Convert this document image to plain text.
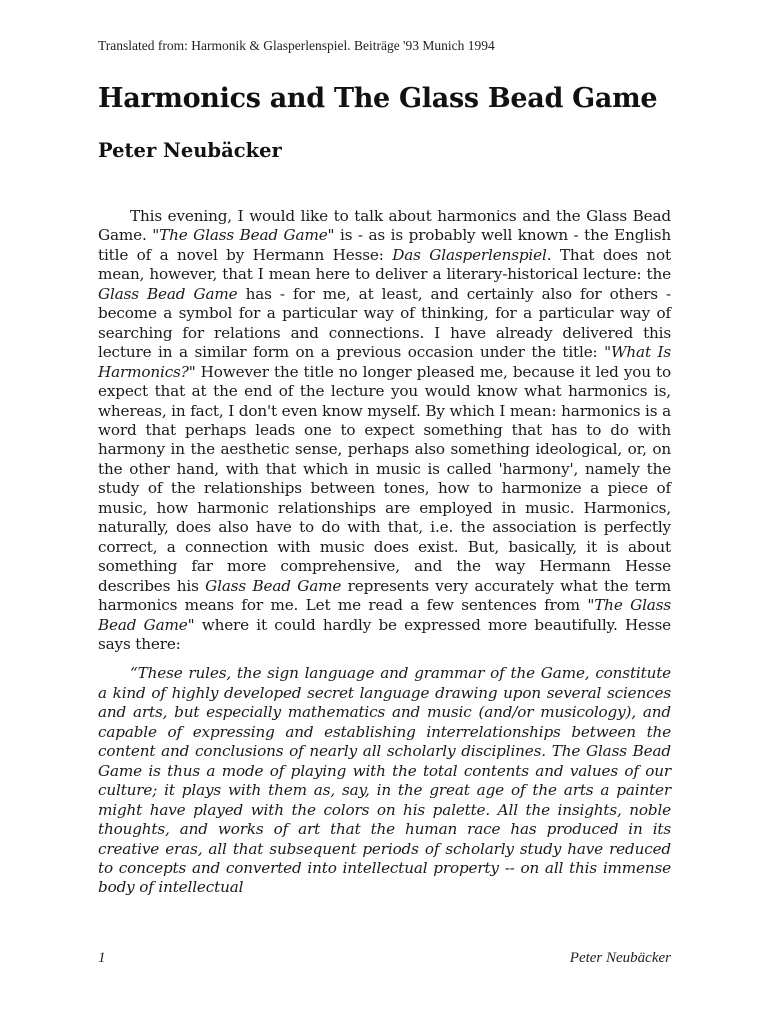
Translated from: Harmonik & Glasperlenspiel. Beiträge '93 Munich 1994
Harmonics and The Glass Bead Game
Peter Neubäcker

This evening, I would like to talk about harmonics and the Glass Bead Game. "The Glass Bead Game" is - as is probably well known - the English title of a novel by Hermann Hesse: Das Glasperlenspiel. That does not mean, however, that I mean here to deliver a literary-historical lecture: the Glass Bead Game has - for me, at least, and certainly also for others - become a symbol for a particular way of thinking, for a particular way of searching for relations and connections. I have already delivered this lecture in a similar form on a previous occasion under the title: "What Is Harmonics?" However the title no longer pleased me, because it led you to expect that at the end of the lecture you would know what harmonics is, whereas, in fact, I don't even know myself. By which I mean: harmonics is a word that perhaps leads one to expect something that has to do with harmony in the aesthetic sense, perhaps also something ideological, or, on the other hand, with that which in music is called 'harmony', namely the study of the relationships between tones, how to harmonize a piece of music, how harmonic relationships are employed in music. Harmonics, naturally, does also have to do with that, i.e. the association is perfectly correct, a connection with music does exist. But, basically, it is about something far more comprehensive, and the way Hermann Hesse describes his Glass Bead Game represents very accurately what the term harmonics means for me. Let me read a few sentences from "The Glass Bead Game" where it could hardly be expressed more beautifully. Hesse says there:

“These rules, the sign language and grammar of the Game, constitute a kind of highly developed secret language drawing upon several sciences and arts, but especially mathematics and music (and/or musicology), and capable of expressing and establishing interrelationships between the content and conclusions of nearly all scholarly disciplines. The Glass Bead Game is thus a mode of playing with the total contents and values of our culture; it plays with them as, say, in the great age of the arts a painter might have played with the colors on his palette. All the insights, noble thoughts, and works of art that the human race has produced in its creative eras, all that subsequent periods of scholarly study have reduced to concepts and converted into intellectual property -- on all this immense body of intellectual

1	Peter Neubäcker
